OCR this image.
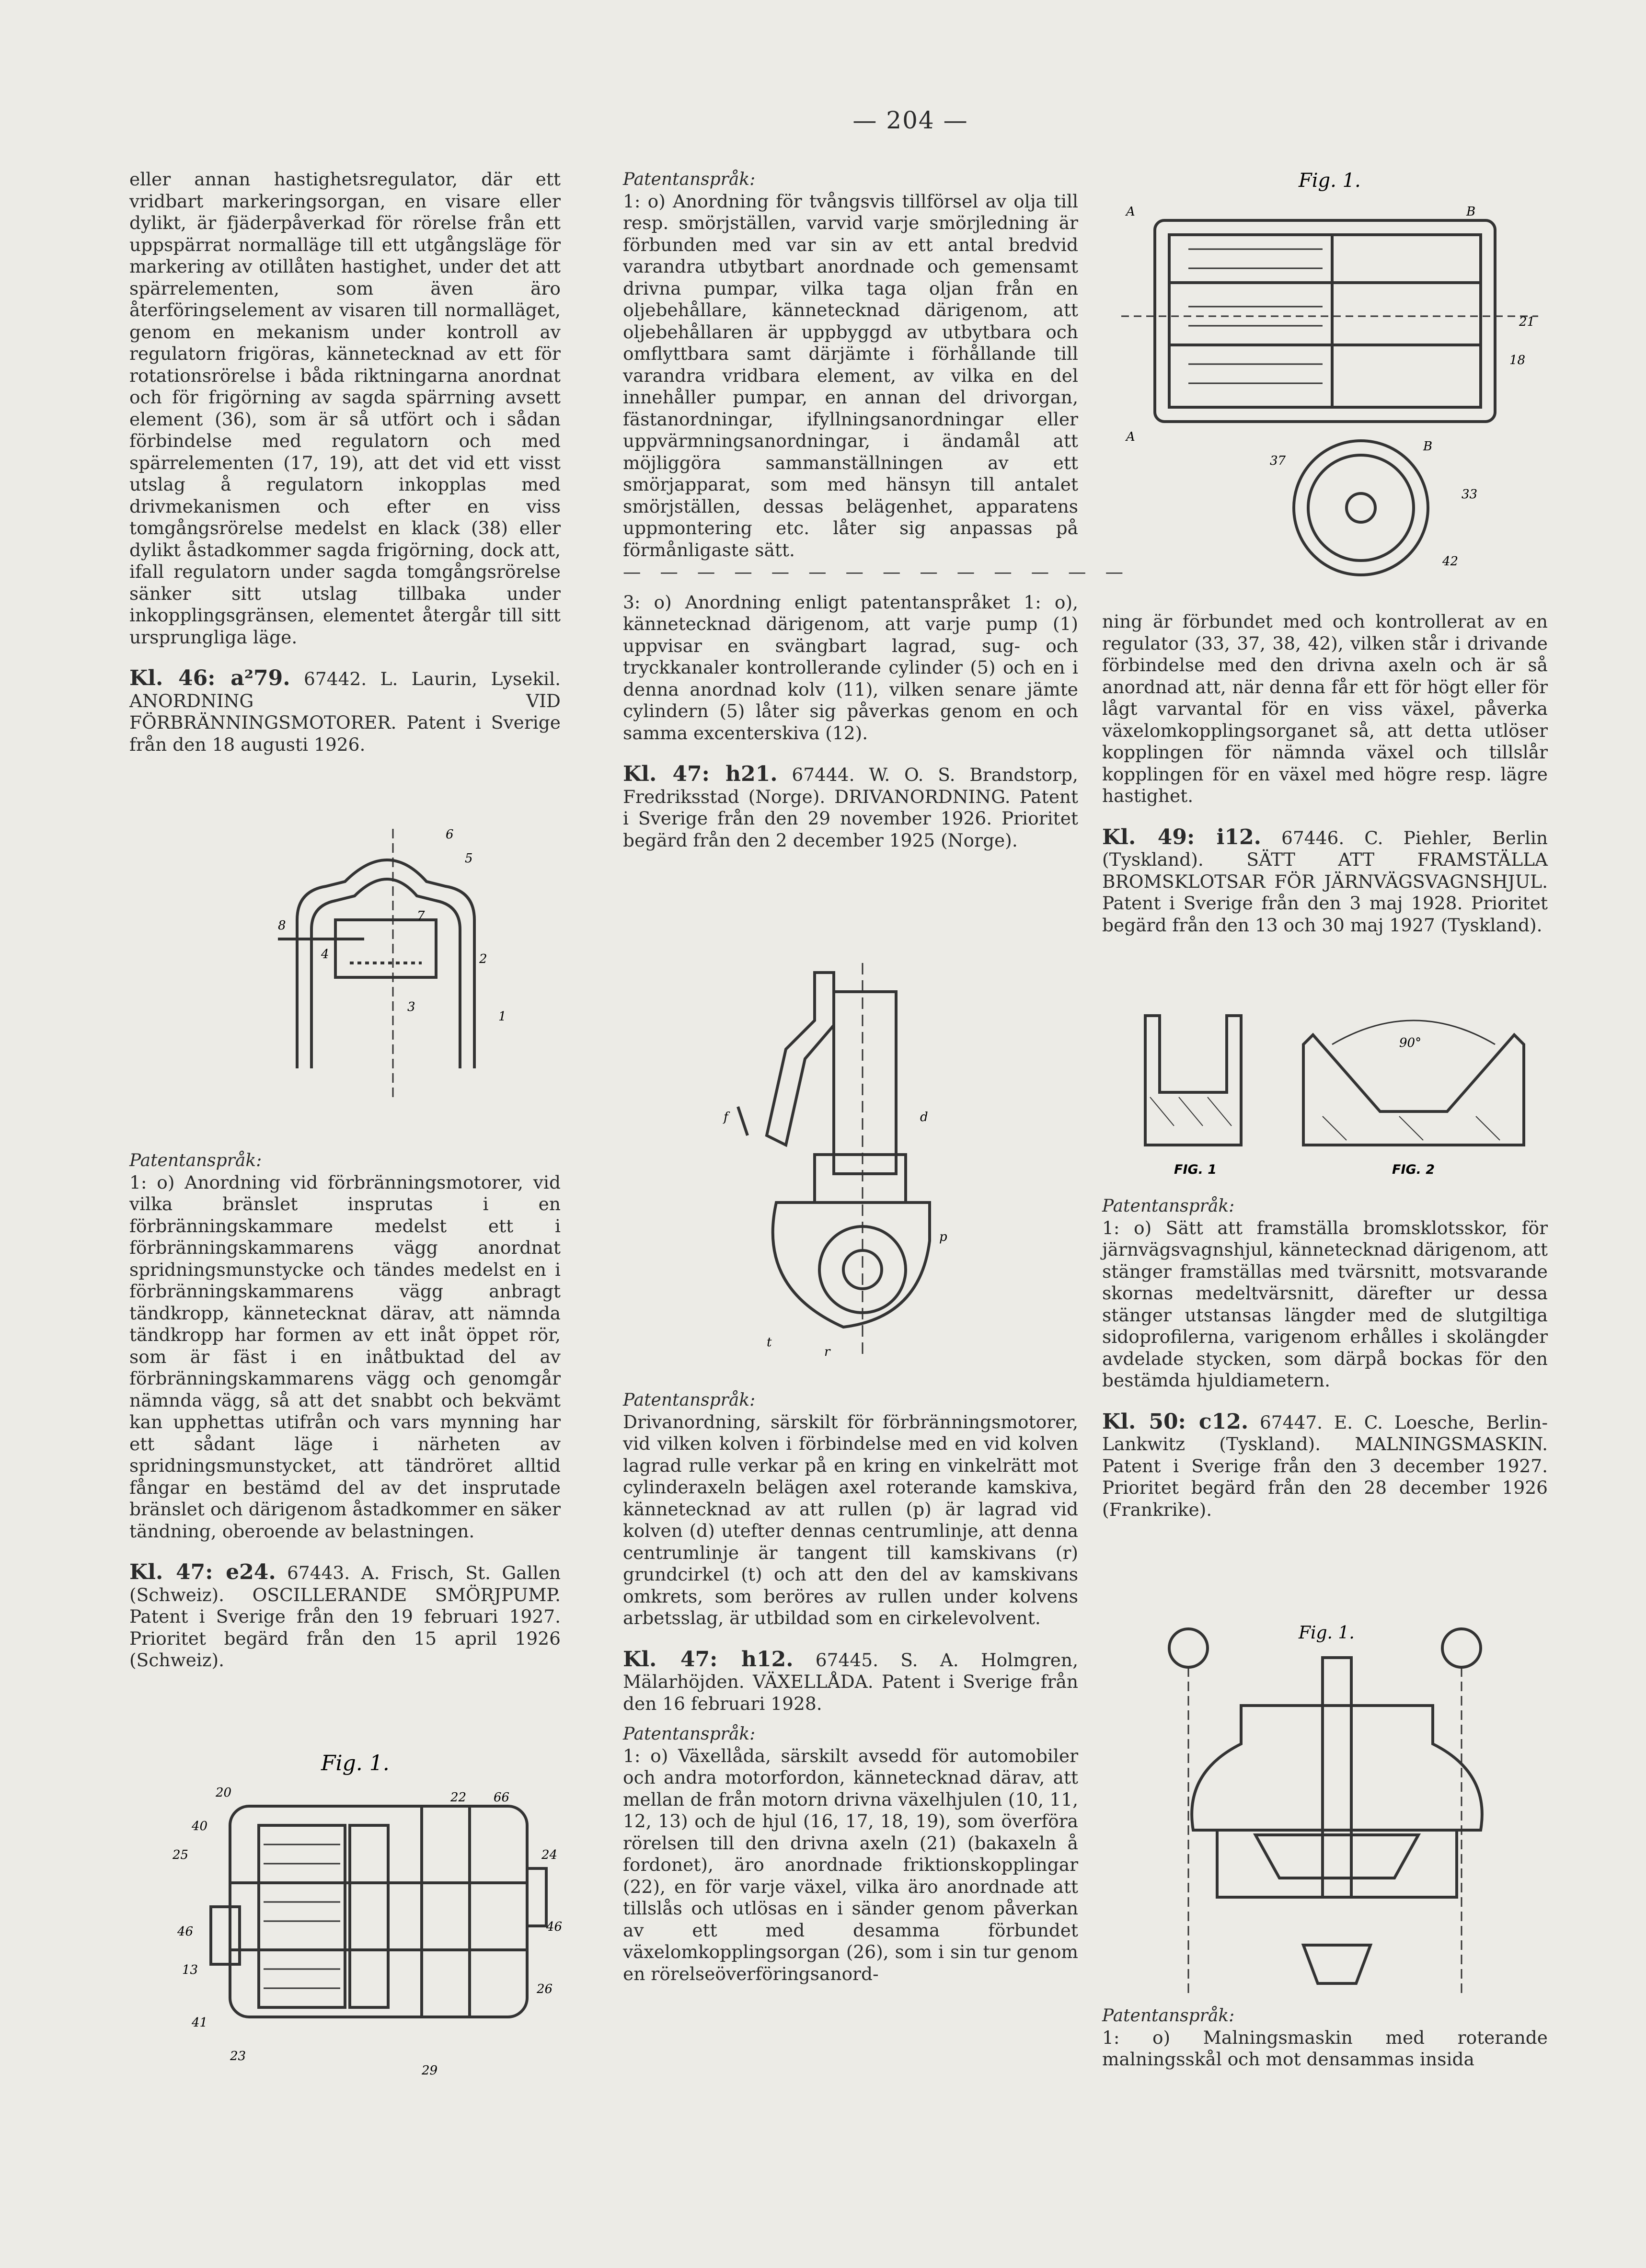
— 204 —

eller annan hastighetsregulator, där ett vridbart markeringsorgan, en visare eller dylikt, är fjäderpåverkad för rörelse från ett uppspärrat normalläge till ett utgångsläge för markering av otillåten hastighet, under det att spärrelementen, som även äro återföringselement av visaren till normalläget, genom en mekanism under kontroll av regulatorn frigöras, kännetecknad av ett för rotationsrörelse i båda riktningarna anordnat och för frigörning av sagda spärrning avsett element (36), som är så utfört och i sådan förbindelse med regulatorn och med spärrelementen (17, 19), att det vid ett visst utslag å regulatorn inkopplas med drivmekanismen och efter en viss tomgångsrörelse medelst en klack (38) eller dylikt åstadkommer sagda frigörning, dock att, ifall regulatorn under sagda tomgångsrörelse sänker sitt utslag tillbaka under inkopplingsgränsen, elementet återgår till sitt ursprungliga läge.

Kl. 46: a²79. 67442. L. Laurin, Lysekil. ANORDNING VID FÖRBRÄNNINGSMOTORER. Patent i Sverige från den 18 augusti 1926.

6
5
7
8
4	2
3
1

Patentanspråk:

1: o) Anordning vid förbränningsmotorer, vid vilka bränslet insprutas i en förbränningskammare medelst ett i förbränningskammarens vägg anordnat spridningsmunstycke och tändes medelst en i förbränningskammarens vägg anbragt tändkropp, kännetecknat därav, att nämnda tändkropp har formen av ett inåt öppet rör, som är fäst i en inåtbuktad del av förbränningskammarens vägg och genomgår nämnda vägg, så att det snabbt och bekvämt kan upphettas utifrån och vars mynning har ett sådant läge i närheten av spridningsmunstycket, att tändröret alltid fångar en bestämd del av det insprutade bränslet och därigenom åstadkommer en säker tändning, oberoende av belastningen.

Kl. 47: e24. 67443. A. Frisch, St. Gallen (Schweiz). OSCILLERANDE SMÖRJPUMP. Patent i Sverige från den 19 februari 1927. Prioritet begärd från den 15 april 1926 (Schweiz).

Fig. 1.
20
40
25
46
13
41
23
29
24
46
26
22 66

Patentanspråk:

1: o) Anordning för tvångsvis tillförsel av olja till resp. smörjställen, varvid varje smörjledning är förbunden med var sin av ett antal bredvid varandra utbytbart anordnade och gemensamt drivna pumpar, vilka taga oljan från en oljebehållare, kännetecknad därigenom, att oljebehållaren är uppbyggd av utbytbara och omflyttbara samt därjämte i förhållande till varandra vridbara element, av vilka en del innehåller pumpar, en annan del drivorgan, fästanordningar, ifyllningsanordningar eller uppvärmningsanordningar, i ändamål att möjliggöra sammanställningen av ett smörjapparat, som med hänsyn till antalet smörjställen, dessas belägenhet, apparatens uppmontering etc. låter sig anpassas på förmånligaste sätt.

— — — — — — — — — — — — — —

3: o) Anordning enligt patentanspråket 1: o), kännetecknad därigenom, att varje pump (1) uppvisar en svängbart lagrad, sug- och tryckkanaler kontrollerande cylinder (5) och en i denna anordnad kolv (11), vilken senare jämte cylindern (5) låter sig påverkas genom en och samma excenterskiva (12).

Kl. 47: h21. 67444. W. O. S. Brandstorp, Fredriksstad (Norge). DRIVANORDNING. Patent i Sverige från den 29 november 1926. Prioritet begärd från den 2 december 1925 (Norge).

d
p
t
r
f

Patentanspråk:

Drivanordning, särskilt för förbränningsmotorer, vid vilken kolven i förbindelse med en vid kolven lagrad rulle verkar på en kring en vinkelrätt mot cylinderaxeln belägen axel roterande kamskiva, kännetecknad av att rullen (p) är lagrad vid kolven (d) utefter dennas centrumlinje, att denna centrumlinje är tangent till kamskivans (r) grundcirkel (t) och att den del av kamskivans omkrets, som beröres av rullen under kolvens arbetsslag, är utbildad som en cirkelevolvent.

Kl. 47: h12. 67445. S. A. Holmgren, Mälarhöjden. VÄXELLÅDA. Patent i Sverige från den 16 februari 1928.

Patentanspråk:

1: o) Växellåda, särskilt avsedd för automobiler och andra motorfordon, kännetecknad därav, att mellan de från motorn drivna växelhjulen (10, 11, 12, 13) och de hjul (16, 17, 18, 19), som överföra rörelsen till den drivna axeln (21) (bakaxeln å fordonet), äro anordnade friktionskopplingar (22), en för varje växel, vilka äro anordnade att tillslås och utlösas en i sänder genom påverkan av ett med desamma förbundet växelomkopplingsorgan (26), som i sin tur genom en rörelseöverföringsanord-

Fig. 1.
A	B
21
18
37
33
42
A
B

ning är förbundet med och kontrollerat av en regulator (33, 37, 38, 42), vilken står i drivande förbindelse med den drivna axeln och är så anordnad att, när denna får ett för högt eller för lågt varvantal för en viss växel, påverka växelomkopplingsorganet så, att detta utlöser kopplingen för nämnda växel och tillslår kopplingen för en växel med högre resp. lägre hastighet.

Kl. 49: i12. 67446. C. Piehler, Berlin (Tyskland). SÄTT ATT FRAMSTÄLLA BROMSKLOTSAR FÖR JÄRNVÄGSVAGNSHJUL. Patent i Sverige från den 3 maj 1928. Prioritet begärd från den 13 och 30 maj 1927 (Tyskland).

90°
FIG. 1	FIG. 2

Patentanspråk:

1: o) Sätt att framställa bromsklotsskor, för järnvägsvagnshjul, kännetecknad därigenom, att stänger framställas med tvärsnitt, motsvarande skornas medeltvärsnitt, därefter ur dessa stänger utstansas längder med de slutgiltiga sidoprofilerna, varigenom erhålles i skolängder avdelade stycken, som därpå bockas för den bestämda hjuldiametern.

Kl. 50: c12. 67447. E. C. Loesche, Berlin-Lankwitz (Tyskland). MALNINGSMASKIN. Patent i Sverige från den 3 december 1927. Prioritet begärd från den 28 december 1926 (Frankrike).

Fig. 1.

Patentanspråk:

1: o) Malningsmaskin med roterande malningsskål och mot densammas insida
